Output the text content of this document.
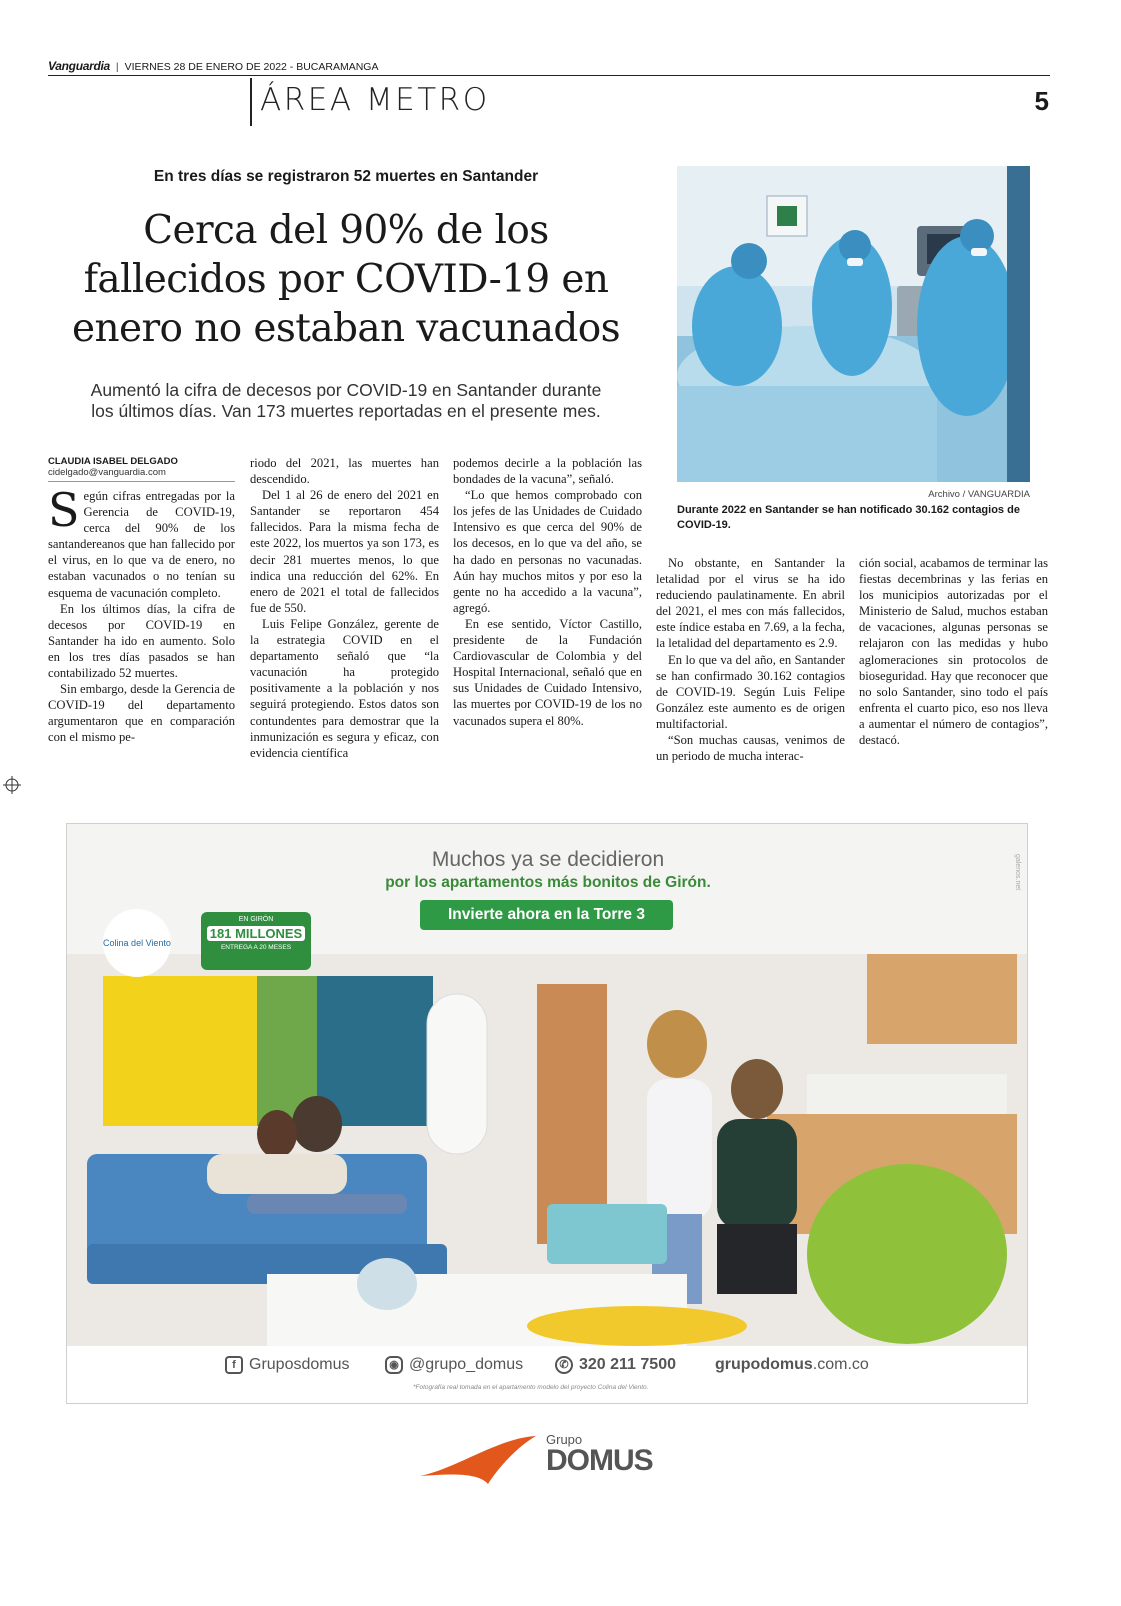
Vanguardia | VIERNES 28 DE ENERO DE 2022 - BUCARAMANGA
ÁREA METRO	5
En tres días se registraron 52 muertes en Santander
Cerca del 90% de los fallecidos por COVID-19 en enero no estaban vacunados
Aumentó la cifra de decesos por COVID-19 en Santander durante los últimos días. Van 173 muertes reportadas en el presente mes.
Archivo / VANGUARDIA
Durante 2022 en Santander se han notificado 30.162 contagios de COVID-19.
CLAUDIA ISABEL DELGADO
cidelgado@vanguardia.com

Según cifras entregadas por la Gerencia de COVID-19, cerca del 90% de los santandereanos que han fallecido por el virus, en lo que va de enero, no estaban vacunados o no tenían su esquema de vacunación completo.

En los últimos días, la cifra de decesos por COVID-19 en Santander ha ido en aumento. Solo en los tres días pasados se han contabilizado 52 muertes.

Sin embargo, desde la Gerencia de COVID-19 del departamento argumentaron que en comparación con el mismo pe-

riodo del 2021, las muertes han descendido.

Del 1 al 26 de enero del 2021 en Santander se reportaron 454 fallecidos. Para la misma fecha de este 2022, los muertos ya son 173, es decir 281 muertes menos, lo que indica una reducción del 62%. En enero de 2021 el total de fallecidos fue de 550.

Luis Felipe González, gerente de la estrategia COVID en el departamento señaló que “la vacunación ha protegido positivamente a la población y nos seguirá protegiendo. Estos datos son contundentes para demostrar que la inmunización es segura y eficaz, con evidencia científica

podemos decirle a la población las bondades de la vacuna”, señaló.

“Lo que hemos comprobado con los jefes de las Unidades de Cuidado Intensivo es que cerca del 90% de los decesos, en lo que va del año, se ha dado en personas no vacunadas. Aún hay muchos mitos y por eso la gente no ha accedido a la vacuna”, agregó.

En ese sentido, Víctor Castillo, presidente de la Fundación Cardiovascular de Colombia y del Hospital Internacional, señaló que en sus Unidades de Cuidado Intensivo, las muertes por COVID-19 de los no vacunados supera el 80%.

No obstante, en Santander la letalidad por el virus se ha ido reduciendo paulatinamente. En abril del 2021, el mes con más fallecidos, este índice estaba en 7.69, a la fecha, la letalidad del departamento es 2.9.

En lo que va del año, en Santander se han confirmado 30.162 contagios de COVID-19. Según Luis Felipe González este aumento es de origen multifactorial.

“Son muchas causas, venimos de un periodo de mucha interac-

ción social, acabamos de terminar las fiestas decembrinas y las ferias en los municipios autorizadas por el Ministerio de Salud, muchos estaban de vacaciones, algunas personas se relajaron con las medidas y hubo aglomeraciones sin protocolos de bioseguridad. Hay que reconocer que no solo Santander, sino todo el país enfrenta el cuarto pico, eso nos lleva a aumentar el número de contagios”, destacó.

Muchos ya se decidieron
por los apartamentos más bonitos de Girón.
Invierte ahora en la Torre 3
Colina del Viento
EN GIRÓN
181 MILLONES
ENTREGA A 20 MESES
galenos.net
f Gruposdomus	◉ @grupo_domus	✆ 320 211 7500 grupodomus.com.co
*Fotografía real tomada en el apartamento modelo del proyecto Colina del Viento.
Grupo
DOMUS
